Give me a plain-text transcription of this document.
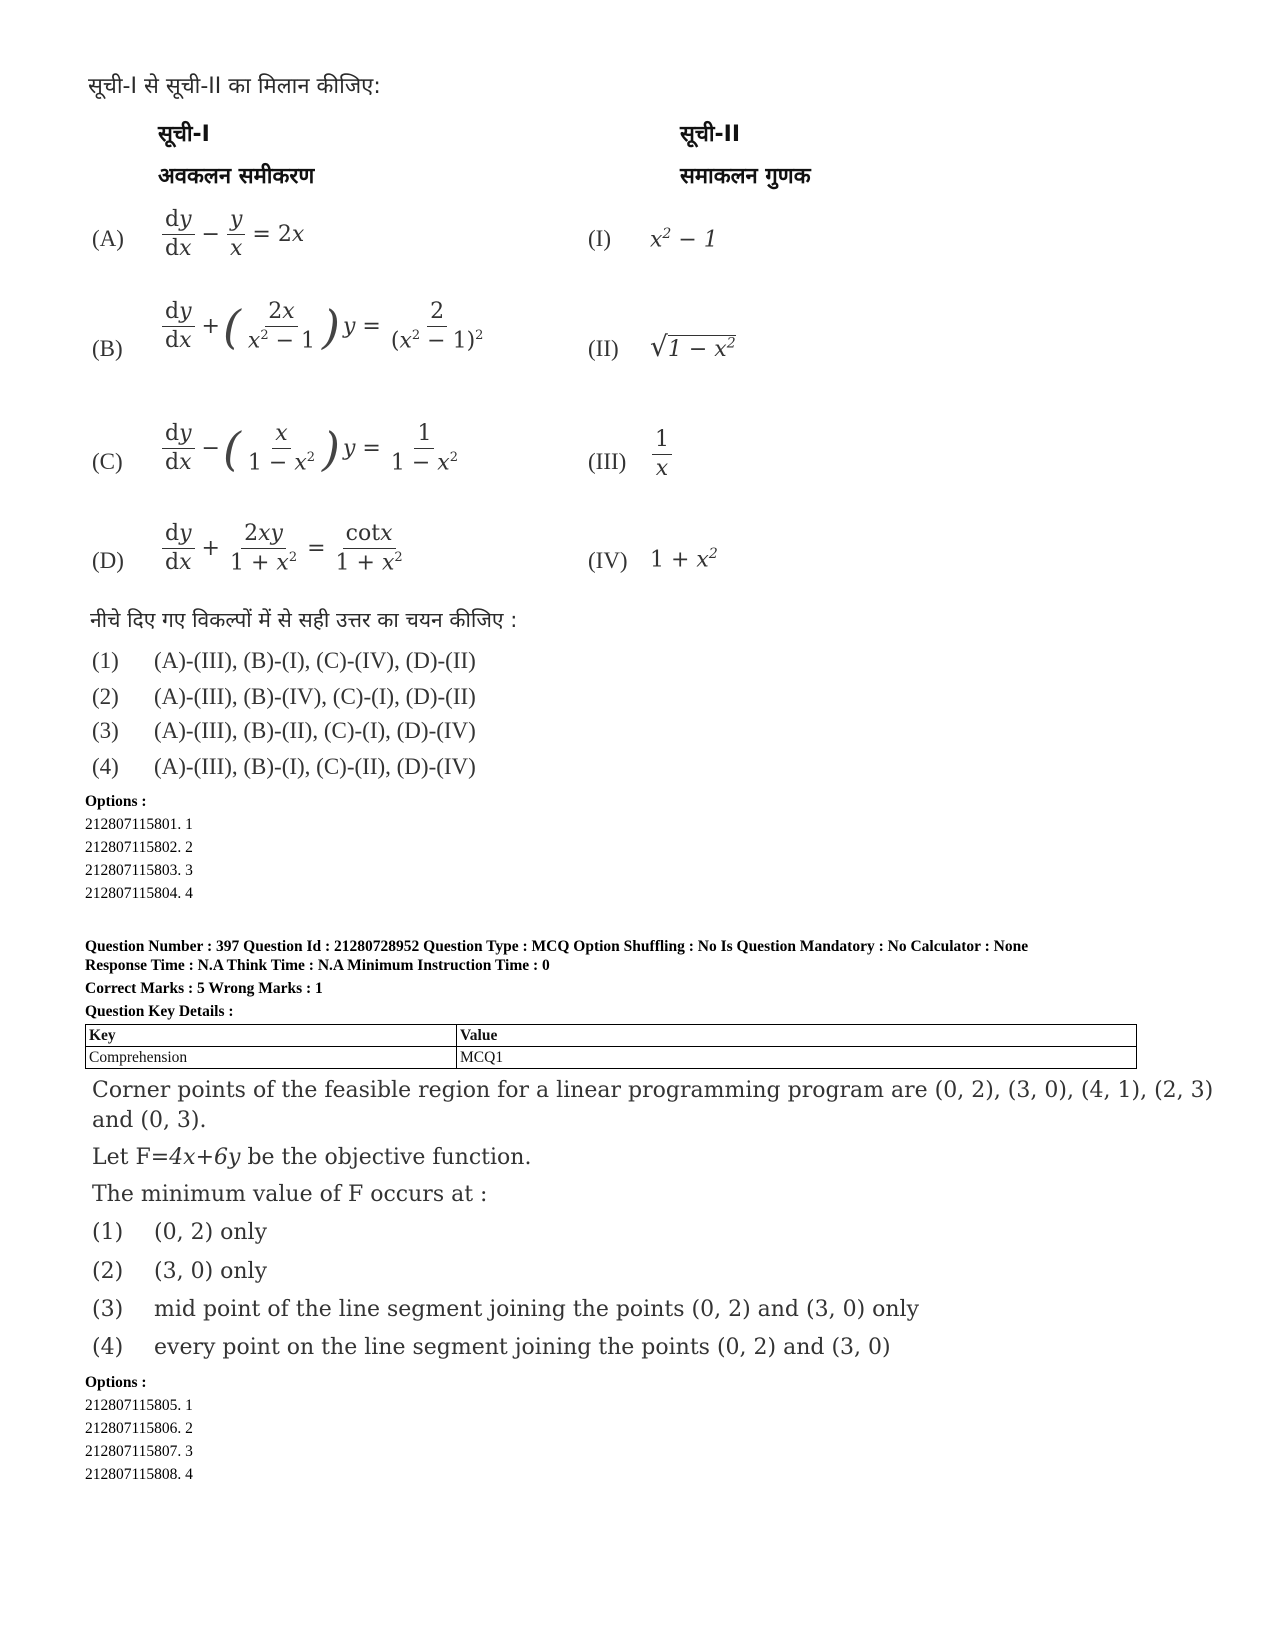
सूची-I से सूची-II का मिलान कीजिए:
सूची-I
अवकलन समीकरण
सूची-II
समाकलन गुणक
$(A) \frac{dy}{dx} - \frac{y}{x} = 2x$	(I) $x^2 - 1$
$(B) \frac{dy}{dx}$ +( $\frac{2x}{x^2 - 1}$ ) $y = \frac{2}{(x^2 - 1)^2}$	(II) $√1 - x^2$
$(C) \frac{dy}{dx}$ −( $\frac{x}{1 - x^2}$ ) $y = \frac{1}{1 - x^2}$	$(III) \frac{1}{x}$
$(D) \frac{dy}{dx} + \frac{2xy}{1 + x^2} = \frac{\cot x}{1 + x^2}$	(IV) $1 + x^2$
नीचे दिए गए विकल्पों में से सही उत्तर का चयन कीजिए :
(1) (A)-(III), (B)-(I), (C)-(IV), (D)-(II)
(2) (A)-(III), (B)-(IV), (C)-(I), (D)-(II)
(3) (A)-(III), (B)-(II), (C)-(I), (D)-(IV)
(4) (A)-(III), (B)-(I), (C)-(II), (D)-(IV)
Options :
212807115801. 1
212807115802. 2
212807115803. 3
212807115804. 4
Question Number : 397 Question Id : 21280728952 Question Type : MCQ Option Shuffling : No Is Question Mandatory : No Calculator : None
Response Time : N.A Think Time : N.A Minimum Instruction Time : 0
Correct Marks : 5 Wrong Marks : 1
Question Key Details :
Key	Value
Comprehension	MCQ1
Corner points of the feasible region for a linear programming program are (0, 2), (3, 0), (4, 1), (2, 3)
and (0, 3).
Let F=4x+6y be the objective function.
The minimum value of F occurs at :
(1) (0, 2) only
(2) (3, 0) only
(3) mid point of the line segment joining the points (0, 2) and (3, 0) only
(4) every point on the line segment joining the points (0, 2) and (3, 0)
Options :
212807115805. 1
212807115806. 2
212807115807. 3
212807115808. 4
